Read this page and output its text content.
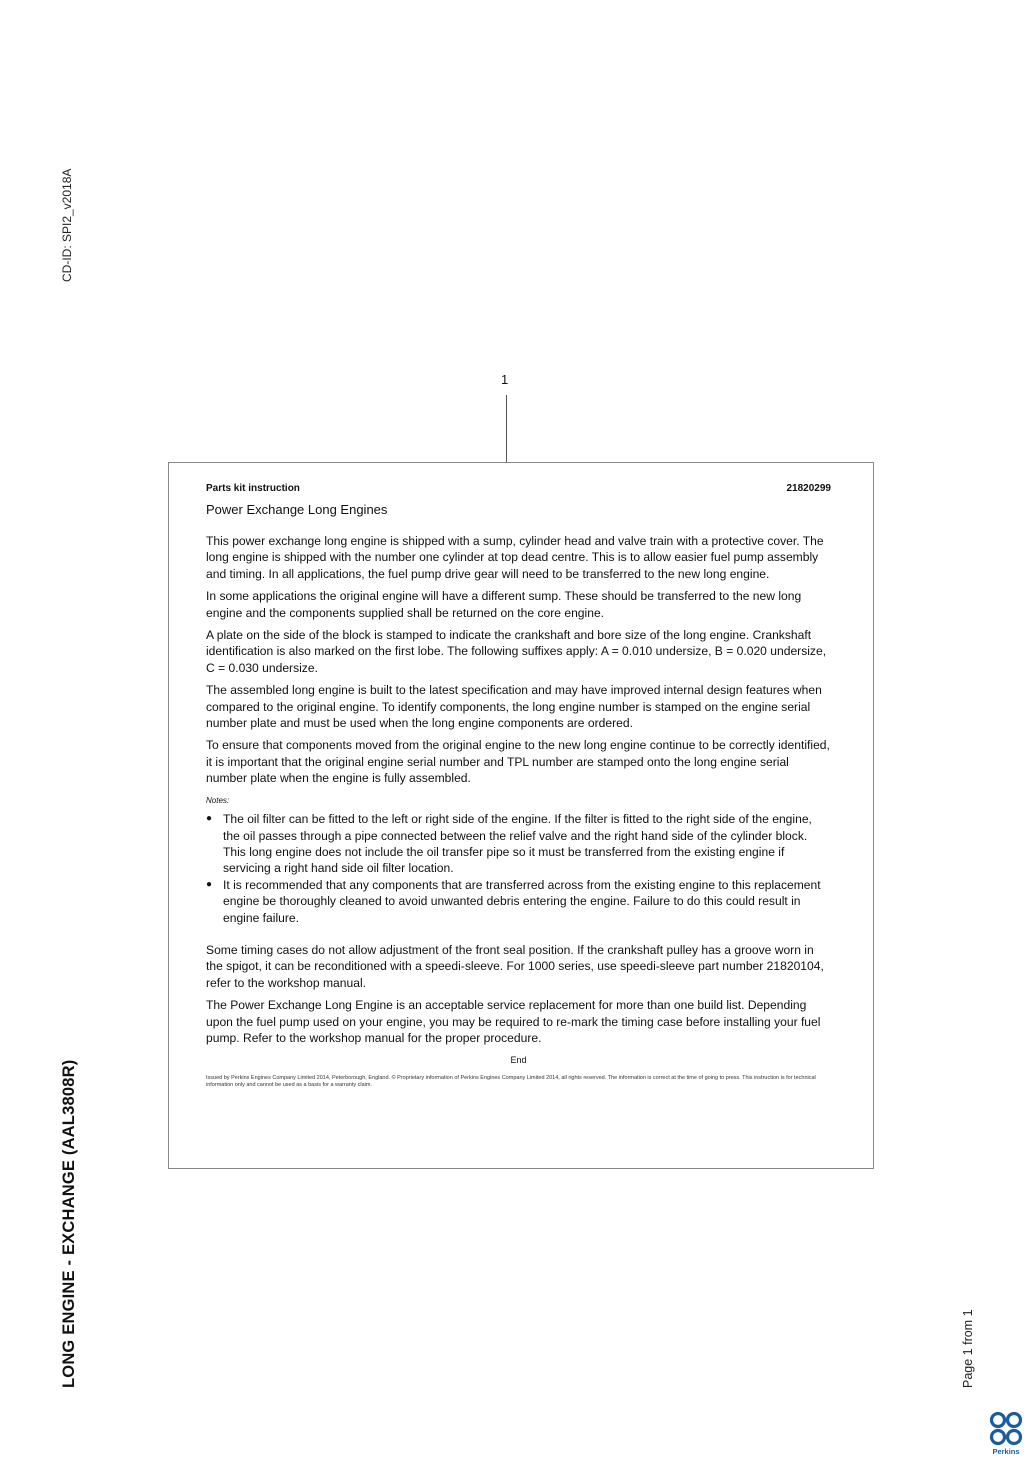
CD-ID: SPI2_v2018A
LONG ENGINE - EXCHANGE (AAL3808R)	Page 1 from 1
1
Parts kit instruction	21820299
Power Exchange Long Engines

This power exchange long engine is shipped with a sump, cylinder head and valve train with a protective cover. The long engine is shipped with the number one cylinder at top dead centre. This is to allow easier fuel pump assembly and timing. In all applications, the fuel pump drive gear will need to be transferred to the new long engine.

In some applications the original engine will have a different sump. These should be transferred to the new long engine and the components supplied shall be returned on the core engine.

A plate on the side of the block is stamped to indicate the crankshaft and bore size of the long engine. Crankshaft identification is also marked on the first lobe. The following suffixes apply: A = 0.010 undersize, B = 0.020 undersize, C = 0.030 undersize.

The assembled long engine is built to the latest specification and may have improved internal design features when compared to the original engine. To identify components, the long engine number is stamped on the engine serial number plate and must be used when the long engine components are ordered.

To ensure that components moved from the original engine to the new long engine continue to be correctly identified, it is important that the original engine serial number and TPL number are stamped onto the long engine serial number plate when the engine is fully assembled.

Notes:
● The oil filter can be fitted to the left or right side of the engine. If the filter is fitted to the right side of the engine, the oil passes through a pipe connected between the relief valve and the right hand side of the cylinder block. This long engine does not include the oil transfer pipe so it must be transferred from the existing engine if servicing a right hand side oil filter location.
● It is recommended that any components that are transferred across from the existing engine to this replacement engine be thoroughly cleaned to avoid unwanted debris entering the engine. Failure to do this could result in engine failure.

Some timing cases do not allow adjustment of the front seal position. If the crankshaft pulley has a groove worn in the spigot, it can be reconditioned with a speedi-sleeve. For 1000 series, use speedi-sleeve part number 21820104, refer to the workshop manual.

The Power Exchange Long Engine is an acceptable service replacement for more than one build list. Depending upon the fuel pump used on your engine, you may be required to re-mark the timing case before installing your fuel pump. Refer to the workshop manual for the proper procedure.

End
Issued by Perkins Engines Company Limited 2014, Peterborough, England. © Proprietary information of Perkins Engines Company Limited 2014, all rights reserved. The information is correct at the time of going to press. This instruction is for technical information only and cannot be used as a basis for a warranty claim.
Perkins
